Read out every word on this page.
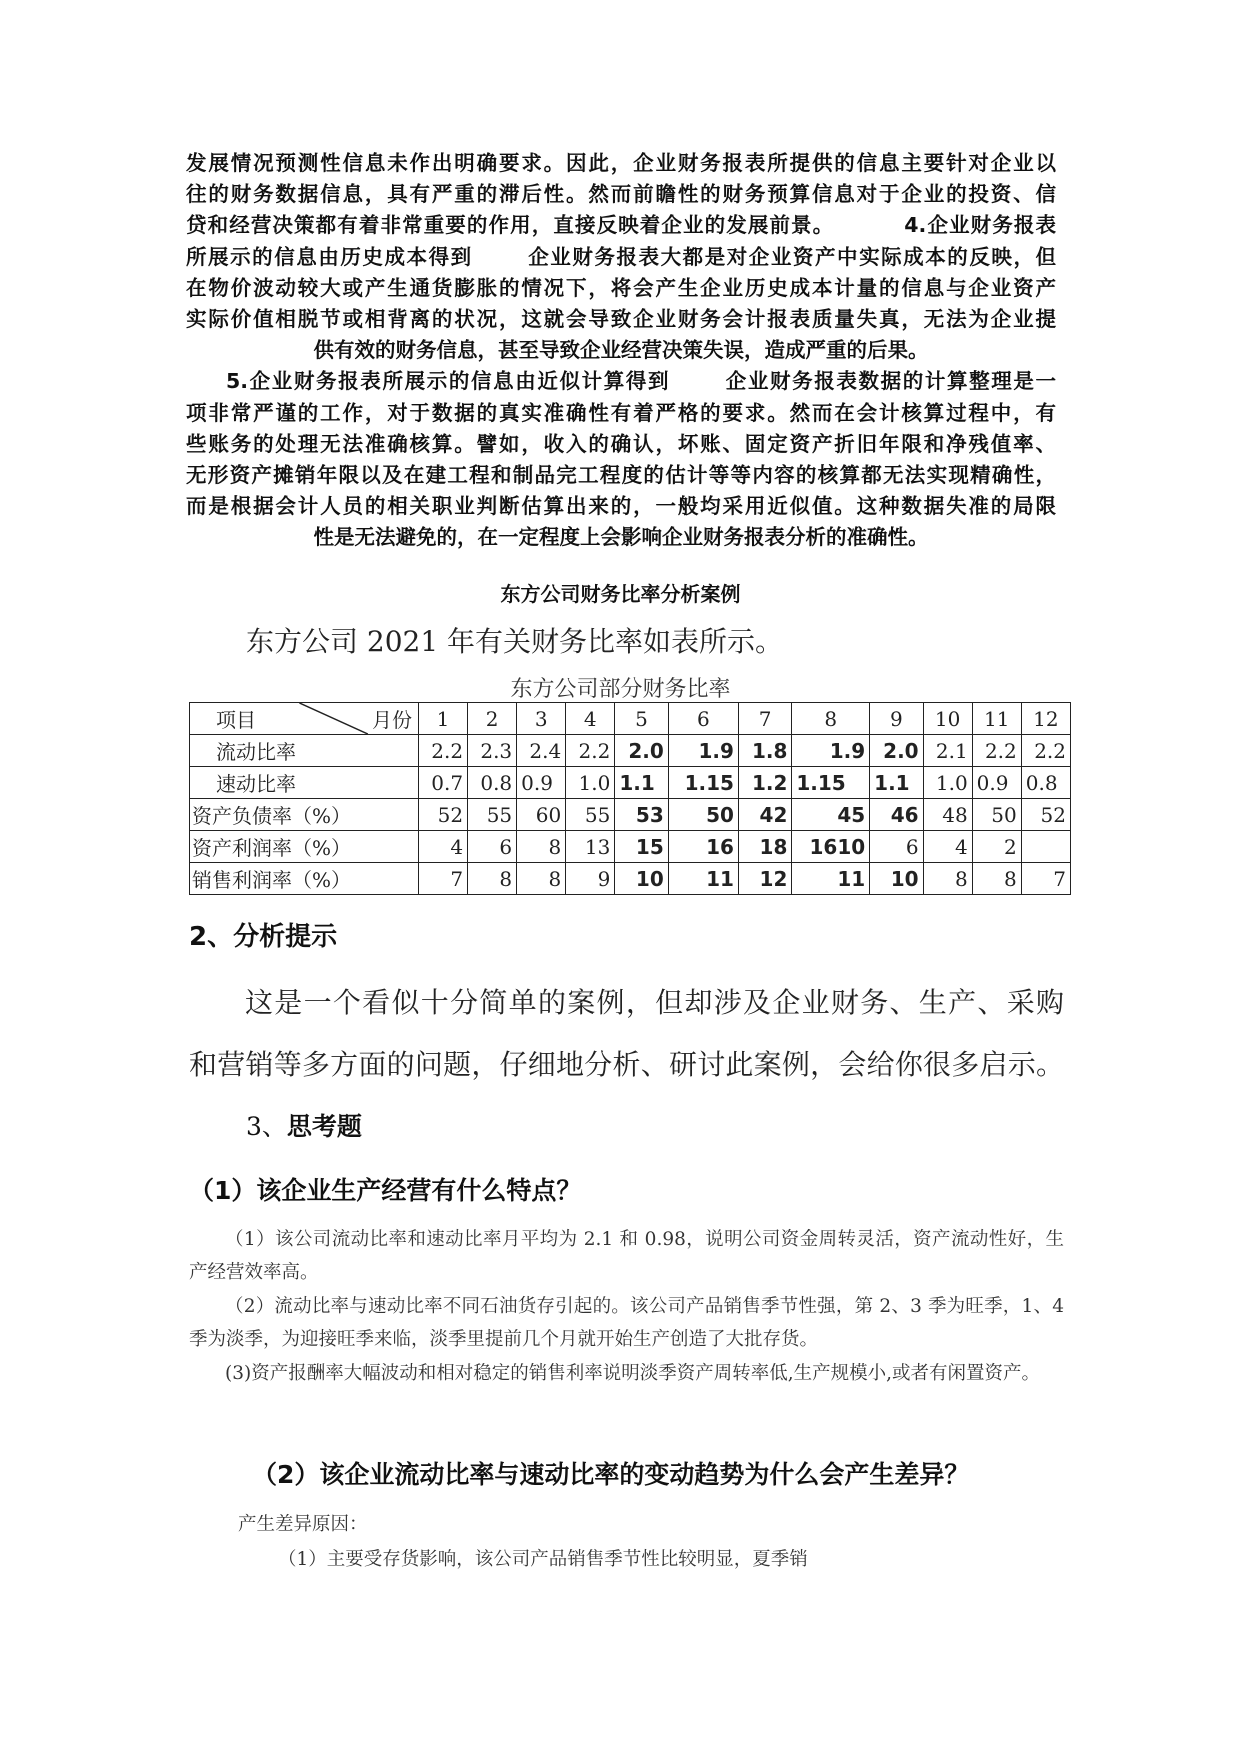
发展情况预测性信息未作出明确要求。因此，企业财务报表所提供的信息主要针对企业以

往的财务数据信息，具有严重的滞后性。然而前瞻性的财务预算信息对于企业的投资、信

贷和经营决策都有着非常重要的作用，直接反映着企业的发展前景。	4.企业财务报表

所展示的信息由历史成本得到	企业财务报表大都是对企业资产中实际成本的反映，但

在物价波动较大或产生通货膨胀的情况下，将会产生企业历史成本计量的信息与企业资产

实际价值相脱节或相背离的状况，这就会导致企业财务会计报表质量失真，无法为企业提

供有效的财务信息，甚至导致企业经营决策失误，造成严重的后果。

5.企业财务报表所展示的信息由近似计算得到	企业财务报表数据的计算整理是一

项非常严谨的工作，对于数据的真实准确性有着严格的要求。然而在会计核算过程中，有

些账务的处理无法准确核算。譬如，收入的确认，坏账、固定资产折旧年限和净残值率、

无形资产摊销年限以及在建工程和制品完工程度的估计等等内容的核算都无法实现精确性，

而是根据会计人员的相关职业判断估算出来的，一般均采用近似值。这种数据失准的局限

性是无法避免的，在一定程度上会影响企业财务报表分析的准确性。

东方公司财务比率分析案例
东方公司 2021 年有关财务比率如表所示。
东方公司部分财务比率
项目 月份	1	2	3	4	5	6	7	8	9	10	11	12
流动比率	2.2	2.3	2.4	2.2	2.0	1.9	1.8	1.9	2.0	2.1	2.2	2.2
速动比率	0.7	0.8	0.9	1.0	1.1	1.15	1.2	1.15	1.1	1.0	0.9	0.8
资产负债率（%）	52	55	60	55	53	50	42	45	46	48	50	52
资产利润率（%）	4	6	8	13	15	16	18	1610	6	4	2	
销售利润率（%）	7	8	8	9	10	11	12	11	10	8	8	7
2、分析提示

这是一个看似十分简单的案例，但却涉及企业财务、生产、采购

和营销等多方面的问题，仔细地分析、研讨此案例，会给你很多启示。

3、思考题
（1）该企业生产经营有什么特点？

（1）该公司流动比率和速动比率月平均为 2.1 和 0.98，说明公司资金周转灵活，资产流动性好，生产经营效率高。

（2）流动比率与速动比率不同石油货存引起的。该公司产品销售季节性强，第 2、3 季为旺季，1、4 季为淡季，为迎接旺季来临，淡季里提前几个月就开始生产创造了大批存货。

(3)资产报酬率大幅波动和相对稳定的销售利率说明淡季资产周转率低,生产规模小,或者有闲置资产。

（2）该企业流动比率与速动比率的变动趋势为什么会产生差异？
产生差异原因：
（1）主要受存货影响，该公司产品销售季节性比较明显，夏季销
